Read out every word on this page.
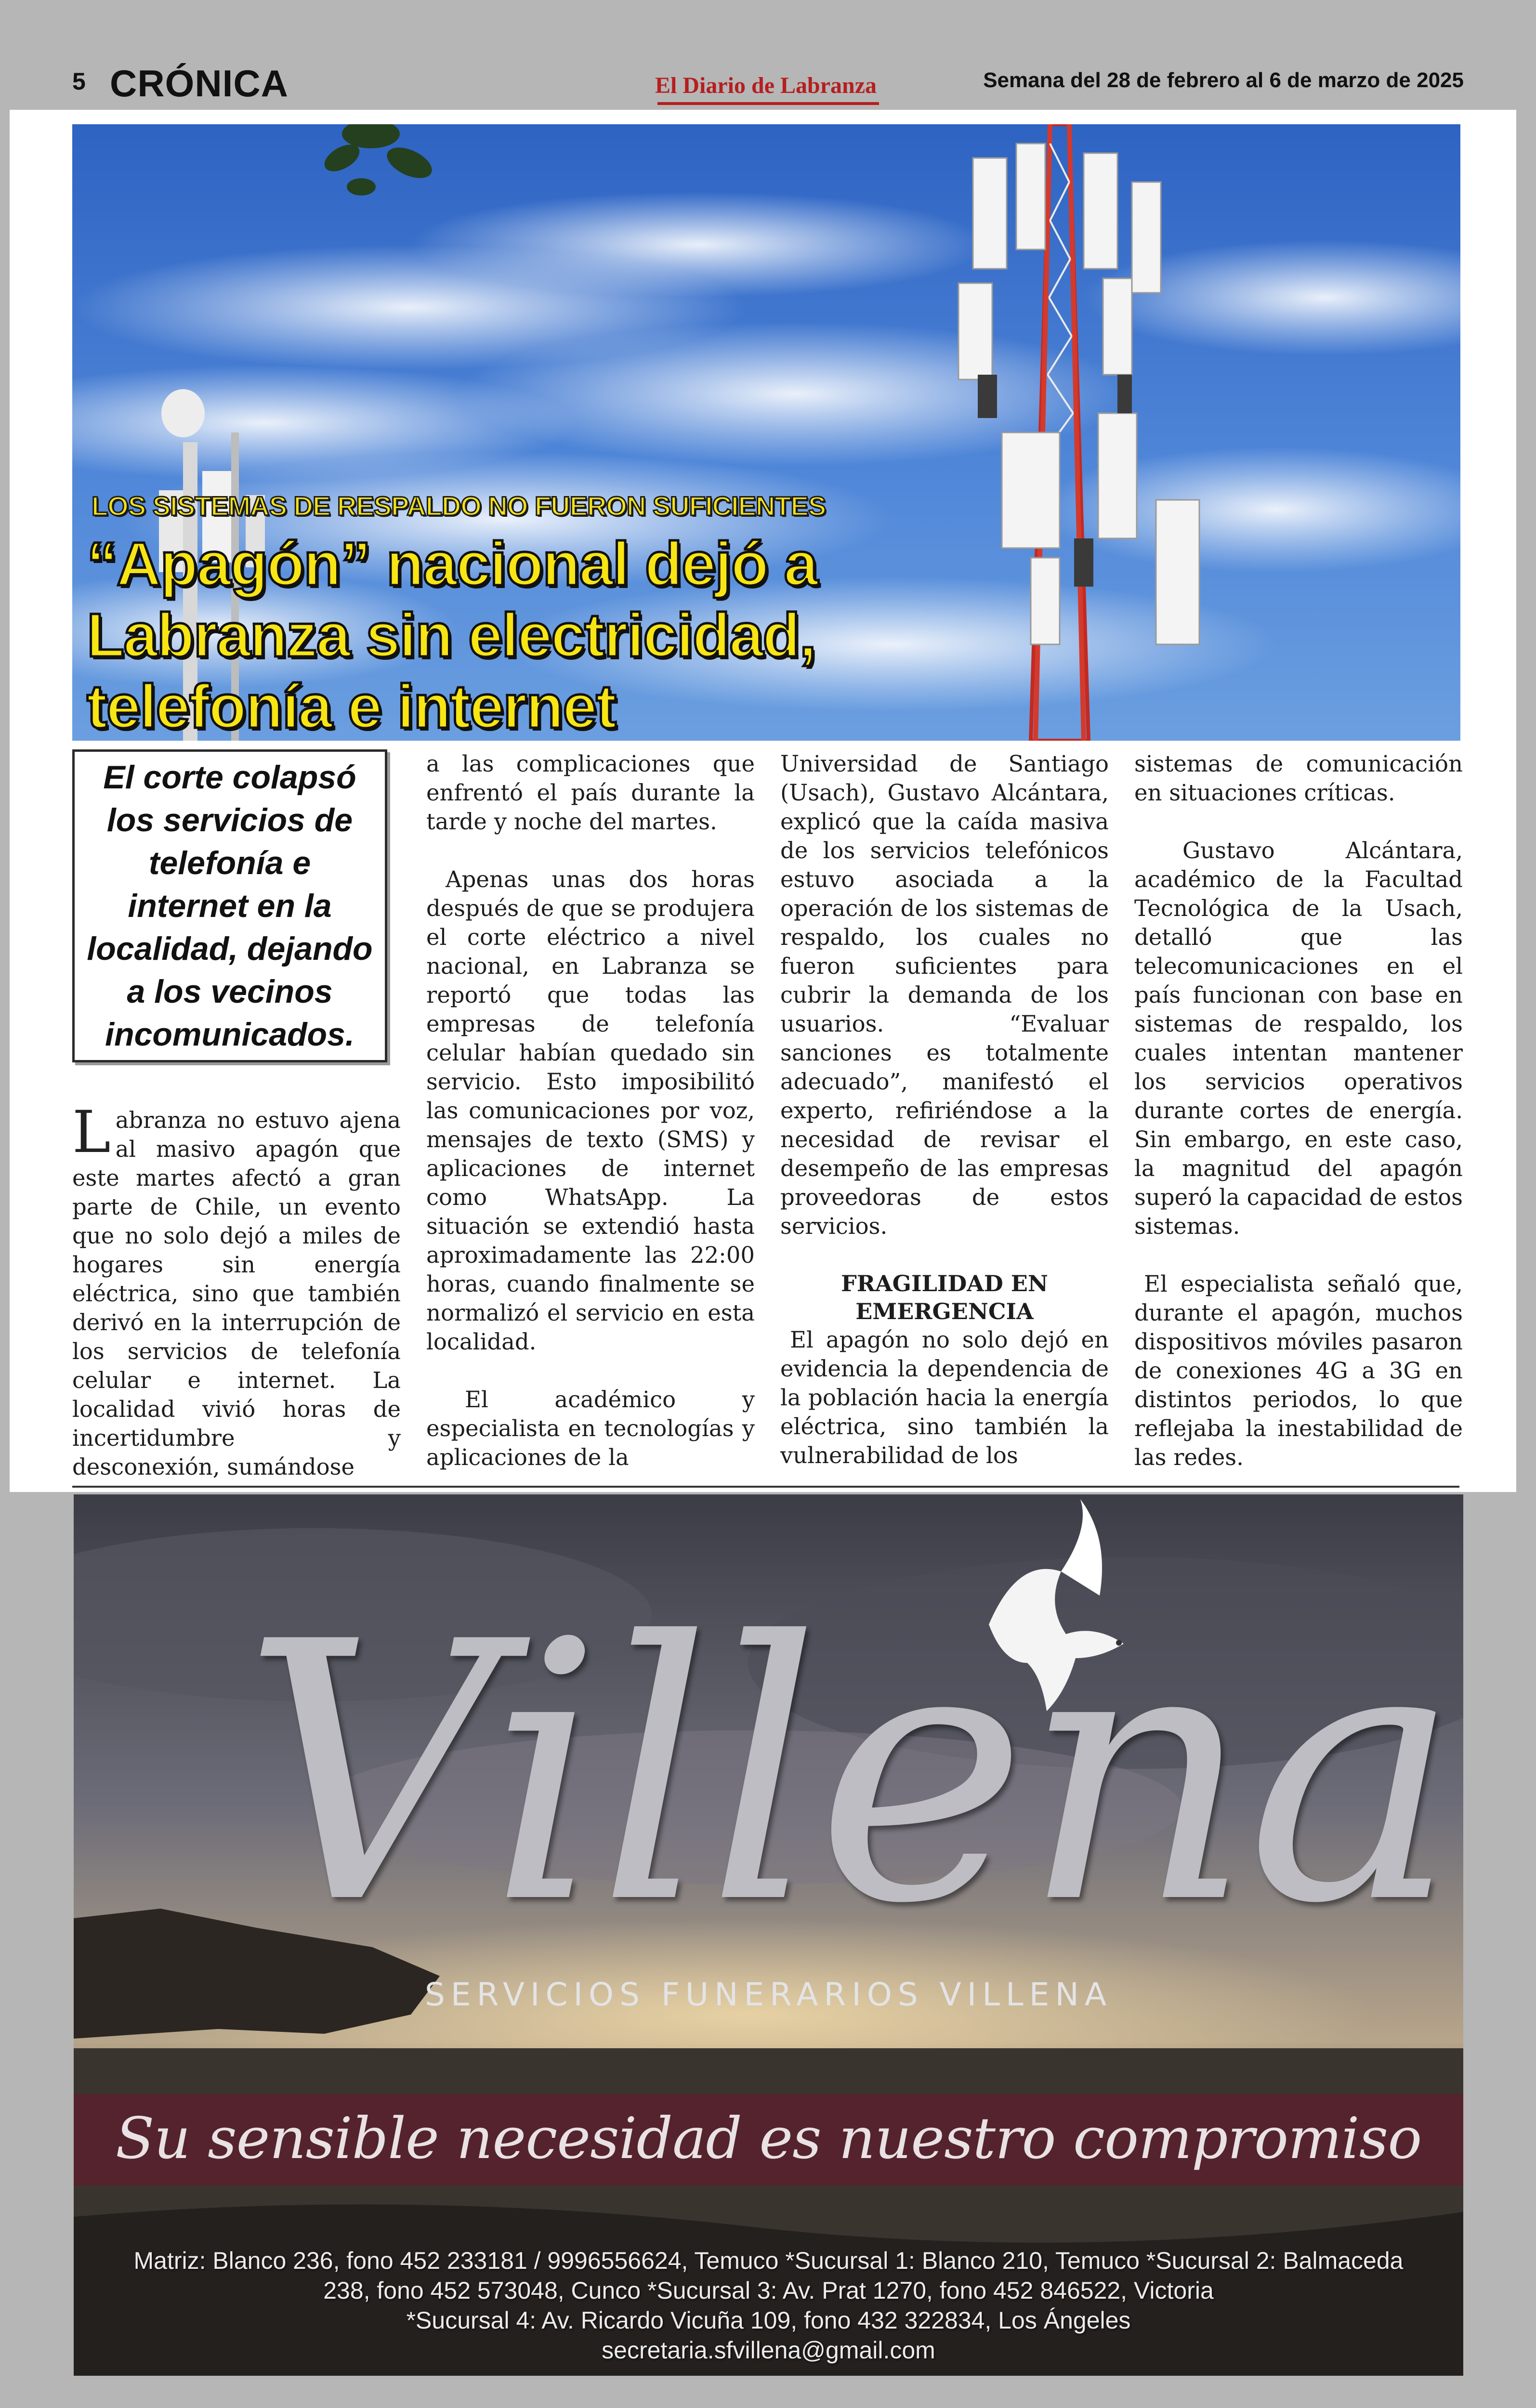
5 CRÓNICA	El Diario de Labranza	Semana del 28 de febrero al 6 de marzo de 2025
LOS SISTEMAS DE RESPALDO NO FUERON SUFICIENTES
“Apagón” nacional dejó a Labranza sin electricidad, telefonía e internet
El corte colapsó los servicios de telefonía e internet en la localidad, dejando a los vecinos incomunicados.

Labranza no estuvo ajena al masivo apagón que este martes afectó a gran parte de Chile, un evento que no solo dejó a miles de hogares sin energía eléctrica, sino que también derivó en la interrupción de los servicios de telefonía celular e internet. La localidad vivió horas de incertidumbre y desconexión, sumándose

a las complicaciones que enfrentó el país durante la tarde y noche del martes.

Apenas unas dos horas después de que se produjera el corte eléctrico a nivel nacional, en Labranza se reportó que todas las empresas de telefonía celular habían quedado sin servicio. Esto imposibilitó las comunicaciones por voz, mensajes de texto (SMS) y aplicaciones de internet como WhatsApp. La situación se extendió hasta aproximadamente las 22:00 horas, cuando finalmente se normalizó el servicio en esta localidad.

El académico y especialista en tecnologías y aplicaciones de la

Universidad de Santiago (Usach), Gustavo Alcántara, explicó que la caída masiva de los servicios telefónicos estuvo asociada a la operación de los sistemas de respaldo, los cuales no fueron suficientes para cubrir la demanda de los usuarios. “Evaluar sanciones es totalmente adecuado”, manifestó el experto, refiriéndose a la necesidad de revisar el desempeño de las empresas proveedoras de estos servicios.

FRAGILIDAD EN EMERGENCIA

El apagón no solo dejó en evidencia la dependencia de la población hacia la energía eléctrica, sino también la vulnerabilidad de los

sistemas de comunicación en situaciones críticas.

Gustavo Alcántara, académico de la Facultad Tecnológica de la Usach, detalló que las telecomunicaciones en el país funcionan con base en sistemas de respaldo, los cuales intentan mantener los servicios operativos durante cortes de energía. Sin embargo, en este caso, la magnitud del apagón superó la capacidad de estos sistemas.

El especialista señaló que, durante el apagón, muchos dispositivos móviles pasaron de conexiones 4G a 3G en distintos periodos, lo que reflejaba la inestabilidad de las redes.

Villena
SERVICIOS FUNERARIOS VILLENA
Su sensible necesidad es nuestro compromiso

Matriz: Blanco 236, fono 452 233181 / 9996556624, Temuco *Sucursal 1: Blanco 210, Temuco *Sucursal 2: Balmaceda

238, fono 452 573048, Cunco *Sucursal 3: Av. Prat 1270, fono 452 846522, Victoria

*Sucursal 4: Av. Ricardo Vicuña 109, fono 432 322834, Los Ángeles

secretaria.sfvillena@gmail.com
